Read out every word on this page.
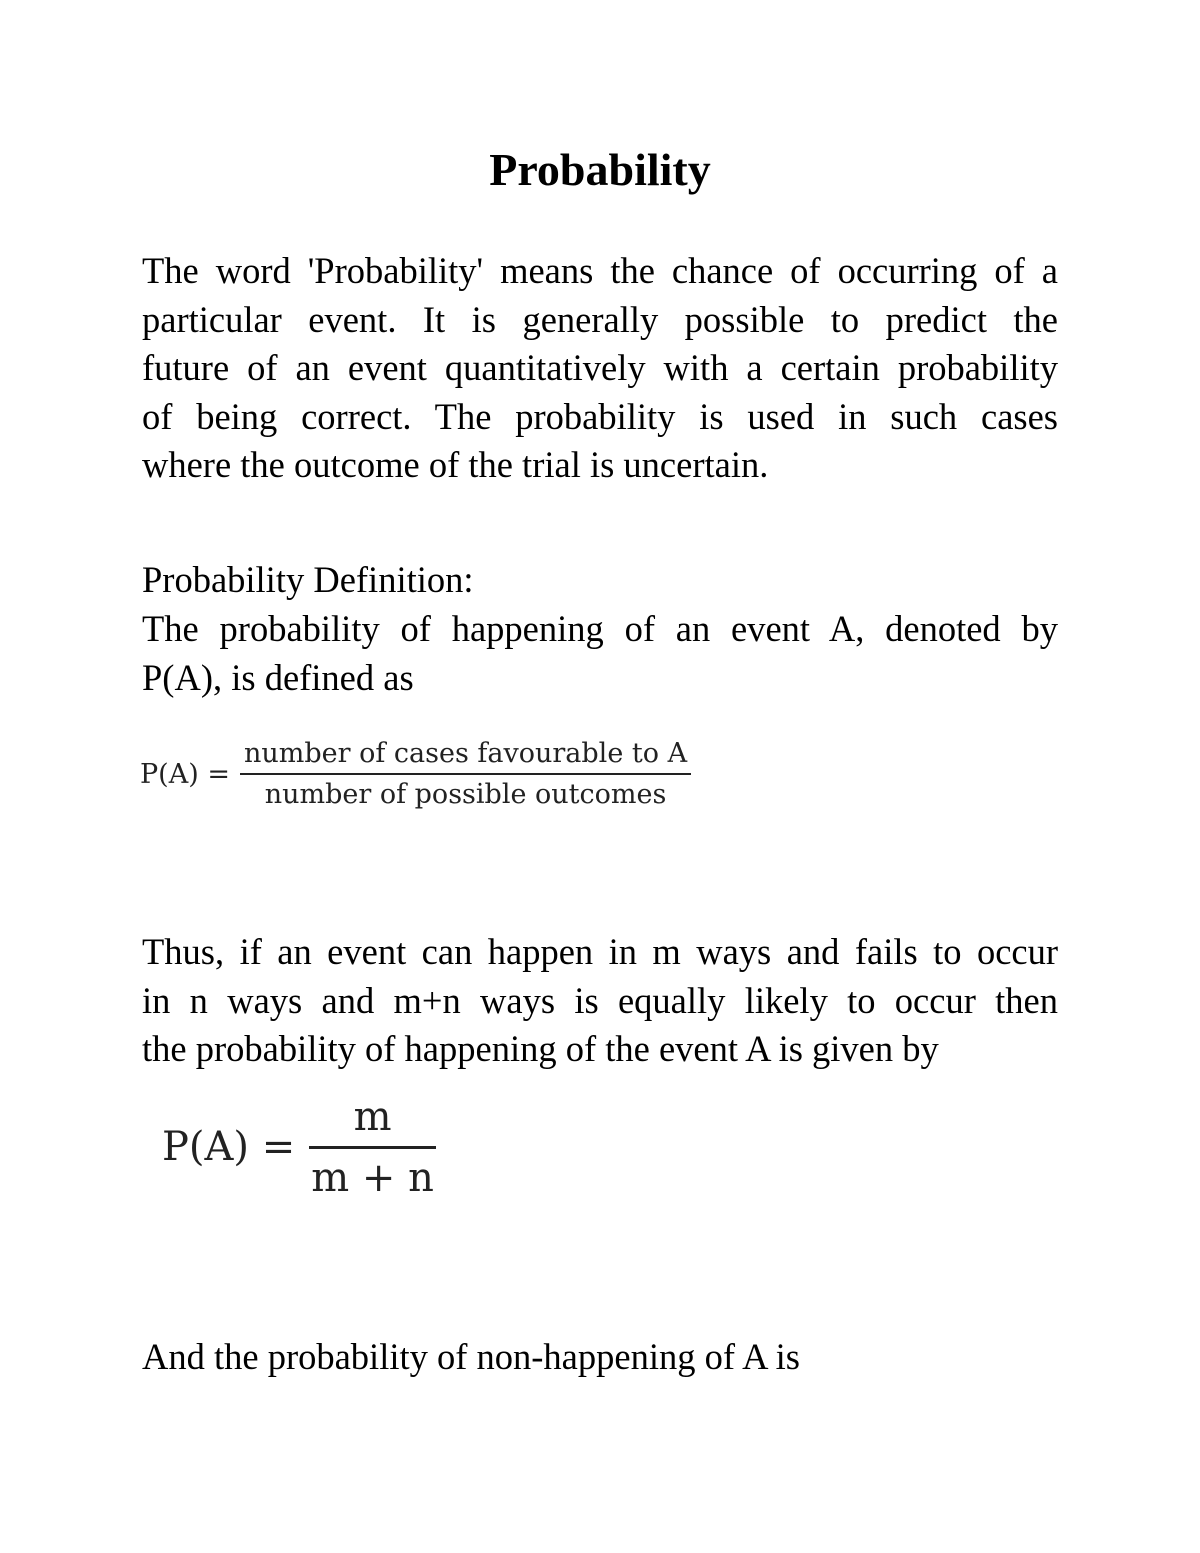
Probability
The word 'Probability' means the chance of occurring of a
particular event. It is generally possible to predict the
future of an event quantitatively with a certain probability
of being correct. The probability is used in such cases
where the outcome of the trial is uncertain.
Probability Definition:
The probability of happening of an event A, denoted by
P(A), is defined as
$P(A) = \frac{\text{number of cases favourable to A}}{\text{number of possible outcomes}}$
Thus, if an event can happen in m ways and fails to occur
in n ways and m+n ways is equally likely to occur then
the probability of happening of the event A is given by
$P(A) = \frac{m}{m + n}$
And the probability of non-happening of A is
